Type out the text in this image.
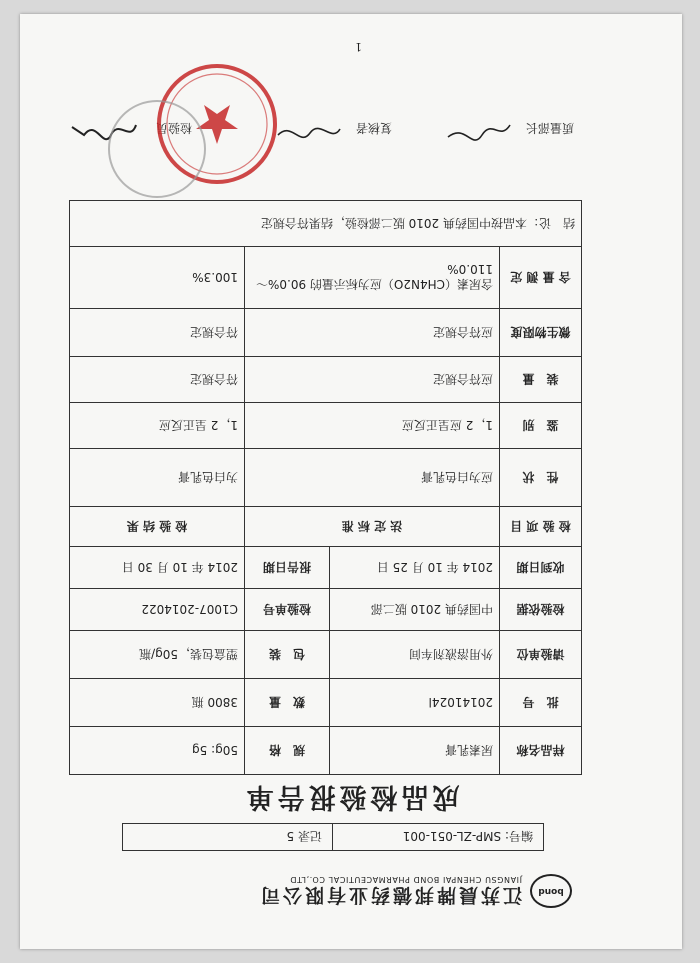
bond
江苏晨牌邦德药业有限公司
JIANGSU CHENPAI BOND PHARMACEUTICAL CO.,LTD
编号: SMP-ZL-051-001
记录 5
成品检验报告单
样品名称	尿素乳膏	规　格	50g: 5g
批　号	20141024l	数　量	3800 瓶
请验单位	外用溶液剂车间	包　装	塑盒包装，50g/瓶
检验依据	中国药典 2010 版二部	检验单号	C1007-2014022
收到日期	2014 年 10 月 25 日	报告日期	2014 年 10 月 30 日
检 验 项 目	法 定 标 准		检 验 结 果
性　状	应为白色乳膏		为白色乳膏
鉴　别	1，2 应呈正反应		1，2 呈正反应
装　量	应符合规定		符合规定
微生物限度	应符合规定		符合规定
含 量 测 定	含尿素（CH4N2O）应为标示量的 90.0%～110.0%		100.3%
结　论：本品按中国药典 2010 版二部检验，结果符合规定			
质量部长
复核者
检验员
1
